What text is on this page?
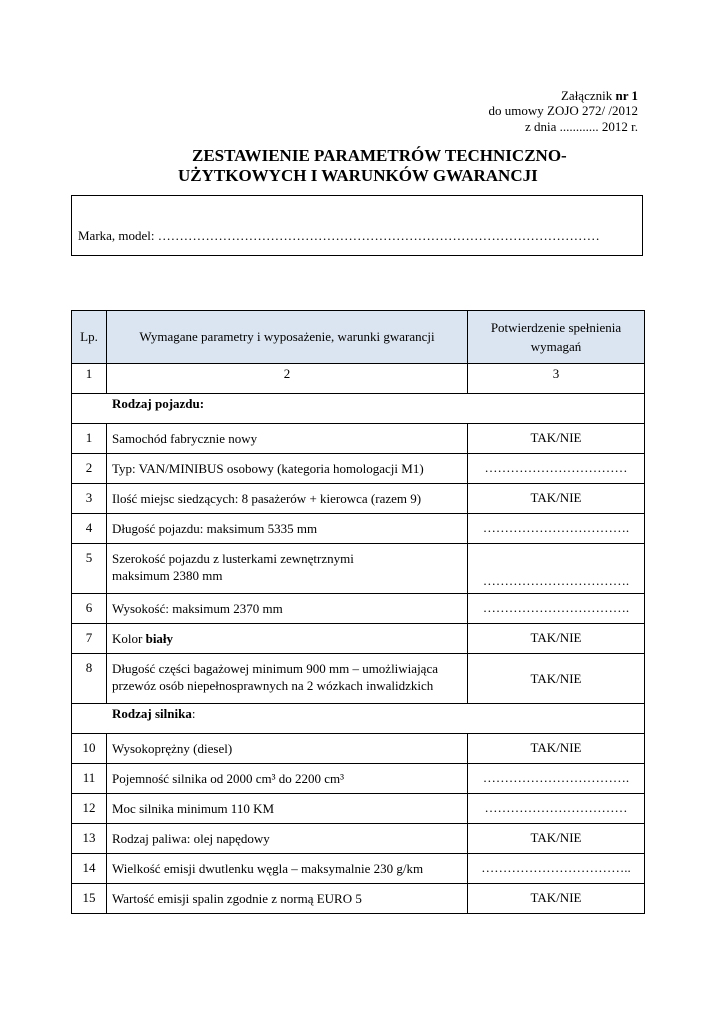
Załącznik nr 1
do umowy ZOJO 272/ /2012
z dnia ............ 2012 r.
ZESTAWIENIE PARAMETRÓW TECHNICZNO-
UŻYTKOWYCH I WARUNKÓW GWARANCJI
Marka, model: …………………………………………………………………………………………
Lp.	Wymagane parametry i wyposażenie, warunki gwarancji	Potwierdzenie spełnienia wymagań
1	2	3
Rodzaj pojazdu:		
1	Samochód fabrycznie nowy	TAK/NIE
2	Typ: VAN/MINIBUS osobowy (kategoria homologacji M1)	……………………………
3	Ilość miejsc siedzących: 8 pasażerów + kierowca (razem 9)	TAK/NIE
4	Długość pojazdu: maksimum 5335 mm	…………………………….
5	Szerokość pojazdu z lusterkami zewnętrznymi maksimum 2380 mm	…………………………….
6	Wysokość: maksimum 2370 mm	…………………………….
7	Kolor biały	TAK/NIE
8	Długość części bagażowej minimum 900 mm – umożliwiająca przewóz osób niepełnosprawnych na 2 wózkach inwalidzkich	TAK/NIE
Rodzaj silnika:		
10	Wysokoprężny (diesel)	TAK/NIE
11	Pojemność silnika od 2000 cm³ do 2200 cm³	…………………………….
12	Moc silnika minimum 110 KM	……………………………
13	Rodzaj paliwa: olej napędowy	TAK/NIE
14	Wielkość emisji dwutlenku węgla – maksymalnie 230 g/km	……………………………..
15	Wartość emisji spalin zgodnie z normą EURO 5	TAK/NIE
